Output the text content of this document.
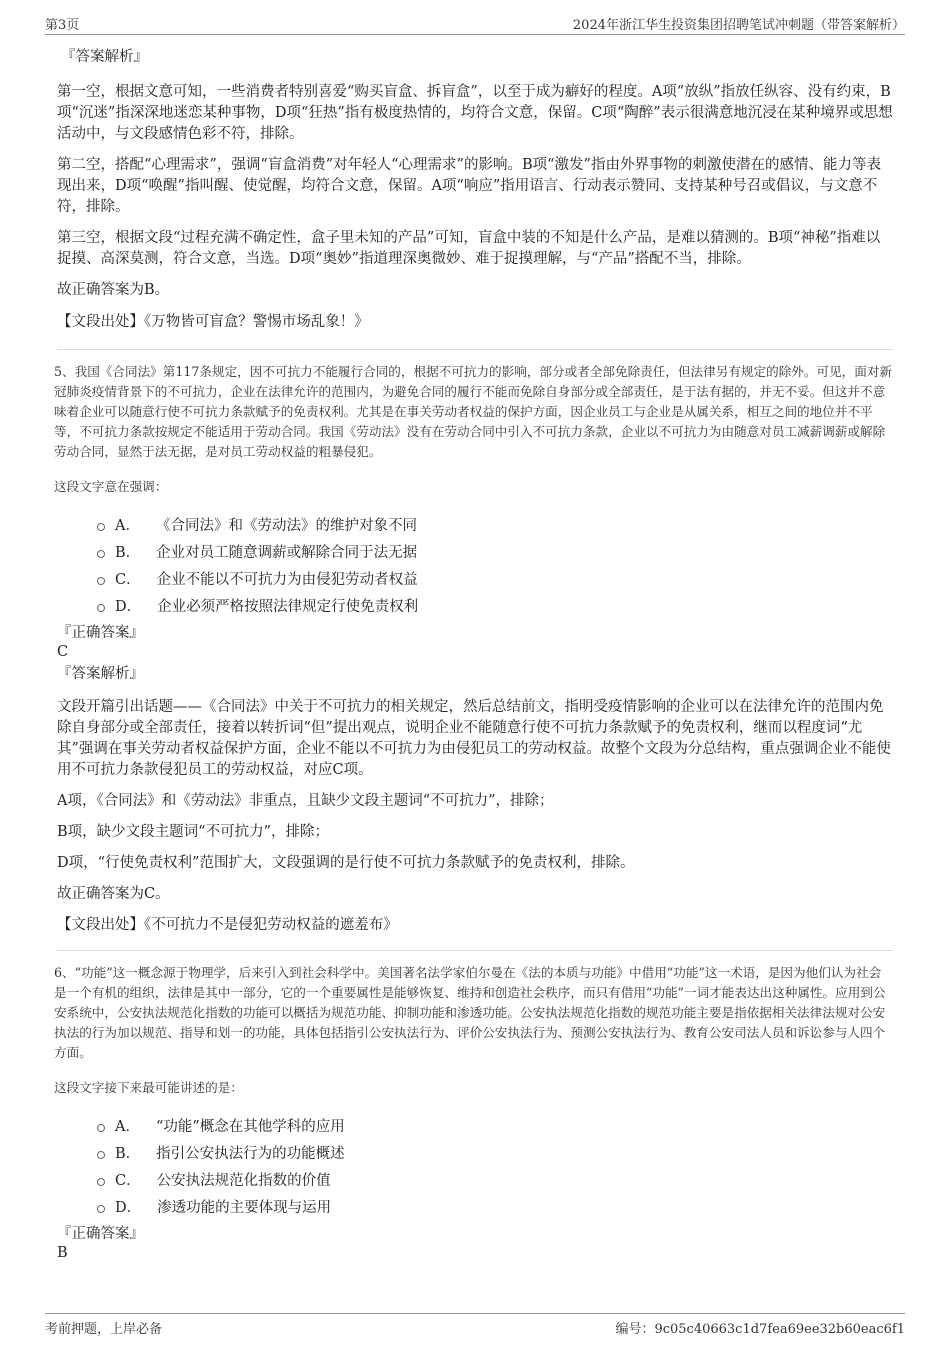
第3页	2024年浙江华生投资集团招聘笔试冲刺题（带答案解析）

『答案解析』

第一空，根据文意可知，一些消费者特别喜爱“购买盲盒、拆盲盒”，以至于成为癖好的程度。A项“放纵”指放任纵容、没有约束，B项“沉迷”指深深地迷恋某种事物，D项“狂热”指有极度热情的，均符合文意，保留。C项“陶醉”表示很满意地沉浸在某种境界或思想活动中，与文段感情色彩不符，排除。

第二空，搭配“心理需求”，强调“盲盒消费”对年轻人“心理需求”的影响。B项“激发”指由外界事物的刺激使潜在的感情、能力等表现出来，D项“唤醒”指叫醒、使觉醒，均符合文意，保留。A项“响应”指用语言、行动表示赞同、支持某种号召或倡议，与文意不符，排除。

第三空，根据文段“过程充满不确定性，盒子里未知的产品”可知，盲盒中装的不知是什么产品，是难以猜测的。B项“神秘”指难以捉摸、高深莫测，符合文意，当选。D项“奥妙”指道理深奥微妙、难于捉摸理解，与“产品”搭配不当，排除。

故正确答案为B。

【文段出处】《万物皆可盲盒？警惕市场乱象！》

5、我国《合同法》第117条规定，因不可抗力不能履行合同的，根据不可抗力的影响，部分或者全部免除责任，但法律另有规定的除外。可见，面对新冠肺炎疫情背景下的不可抗力，企业在法律允许的范围内，为避免合同的履行不能而免除自身部分或全部责任，是于法有据的，并无不妥。但这并不意味着企业可以随意行使不可抗力条款赋予的免责权利。尤其是在事关劳动者权益的保护方面，因企业员工与企业是从属关系，相互之间的地位并不平等，不可抗力条款按规定不能适用于劳动合同。我国《劳动法》没有在劳动合同中引入不可抗力条款，企业以不可抗力为由随意对员工减薪调薪或解除劳动合同，显然于法无据，是对员工劳动权益的粗暴侵犯。

这段文字意在强调：

A． 《合同法》和《劳动法》的维护对象不同
B． 企业对员工随意调薪或解除合同于法无据
C． 企业不能以不可抗力为由侵犯劳动者权益
D． 企业必须严格按照法律规定行使免责权利

『正确答案』

C

『答案解析』

文段开篇引出话题——《合同法》中关于不可抗力的相关规定，然后总结前文，指明受疫情影响的企业可以在法律允许的范围内免除自身部分或全部责任，接着以转折词“但”提出观点，说明企业不能随意行使不可抗力条款赋予的免责权利，继而以程度词“尤其”强调在事关劳动者权益保护方面，企业不能以不可抗力为由侵犯员工的劳动权益。故整个文段为分总结构，重点强调企业不能使用不可抗力条款侵犯员工的劳动权益，对应C项。

A项，《合同法》和《劳动法》非重点，且缺少文段主题词“不可抗力”，排除；

B项，缺少文段主题词“不可抗力”，排除；

D项，“行使免责权利”范围扩大，文段强调的是行使不可抗力条款赋予的免责权利，排除。

故正确答案为C。

【文段出处】《不可抗力不是侵犯劳动权益的遮羞布》

6、“功能”这一概念源于物理学，后来引入到社会科学中。美国著名法学家伯尔曼在《法的本质与功能》中借用“功能”这一术语，是因为他们认为社会是一个有机的组织，法律是其中一部分，它的一个重要属性是能够恢复、维持和创造社会秩序，而只有借用“功能”一词才能表达出这种属性。应用到公安系统中，公安执法规范化指数的功能可以概括为规范功能、抑制功能和渗透功能。公安执法规范化指数的规范功能主要是指依据相关法律法规对公安执法的行为加以规范、指导和划一的功能，具体包括指引公安执法行为、评价公安执法行为、预测公安执法行为、教育公安司法人员和诉讼参与人四个方面。

这段文字接下来最可能讲述的是：

A． “功能”概念在其他学科的应用
B． 指引公安执法行为的功能概述
C． 公安执法规范化指数的价值
D． 渗透功能的主要体现与运用

『正确答案』

B

考前押题，上岸必备	编号：9c05c40663c1d7fea69ee32b60eac6f1
